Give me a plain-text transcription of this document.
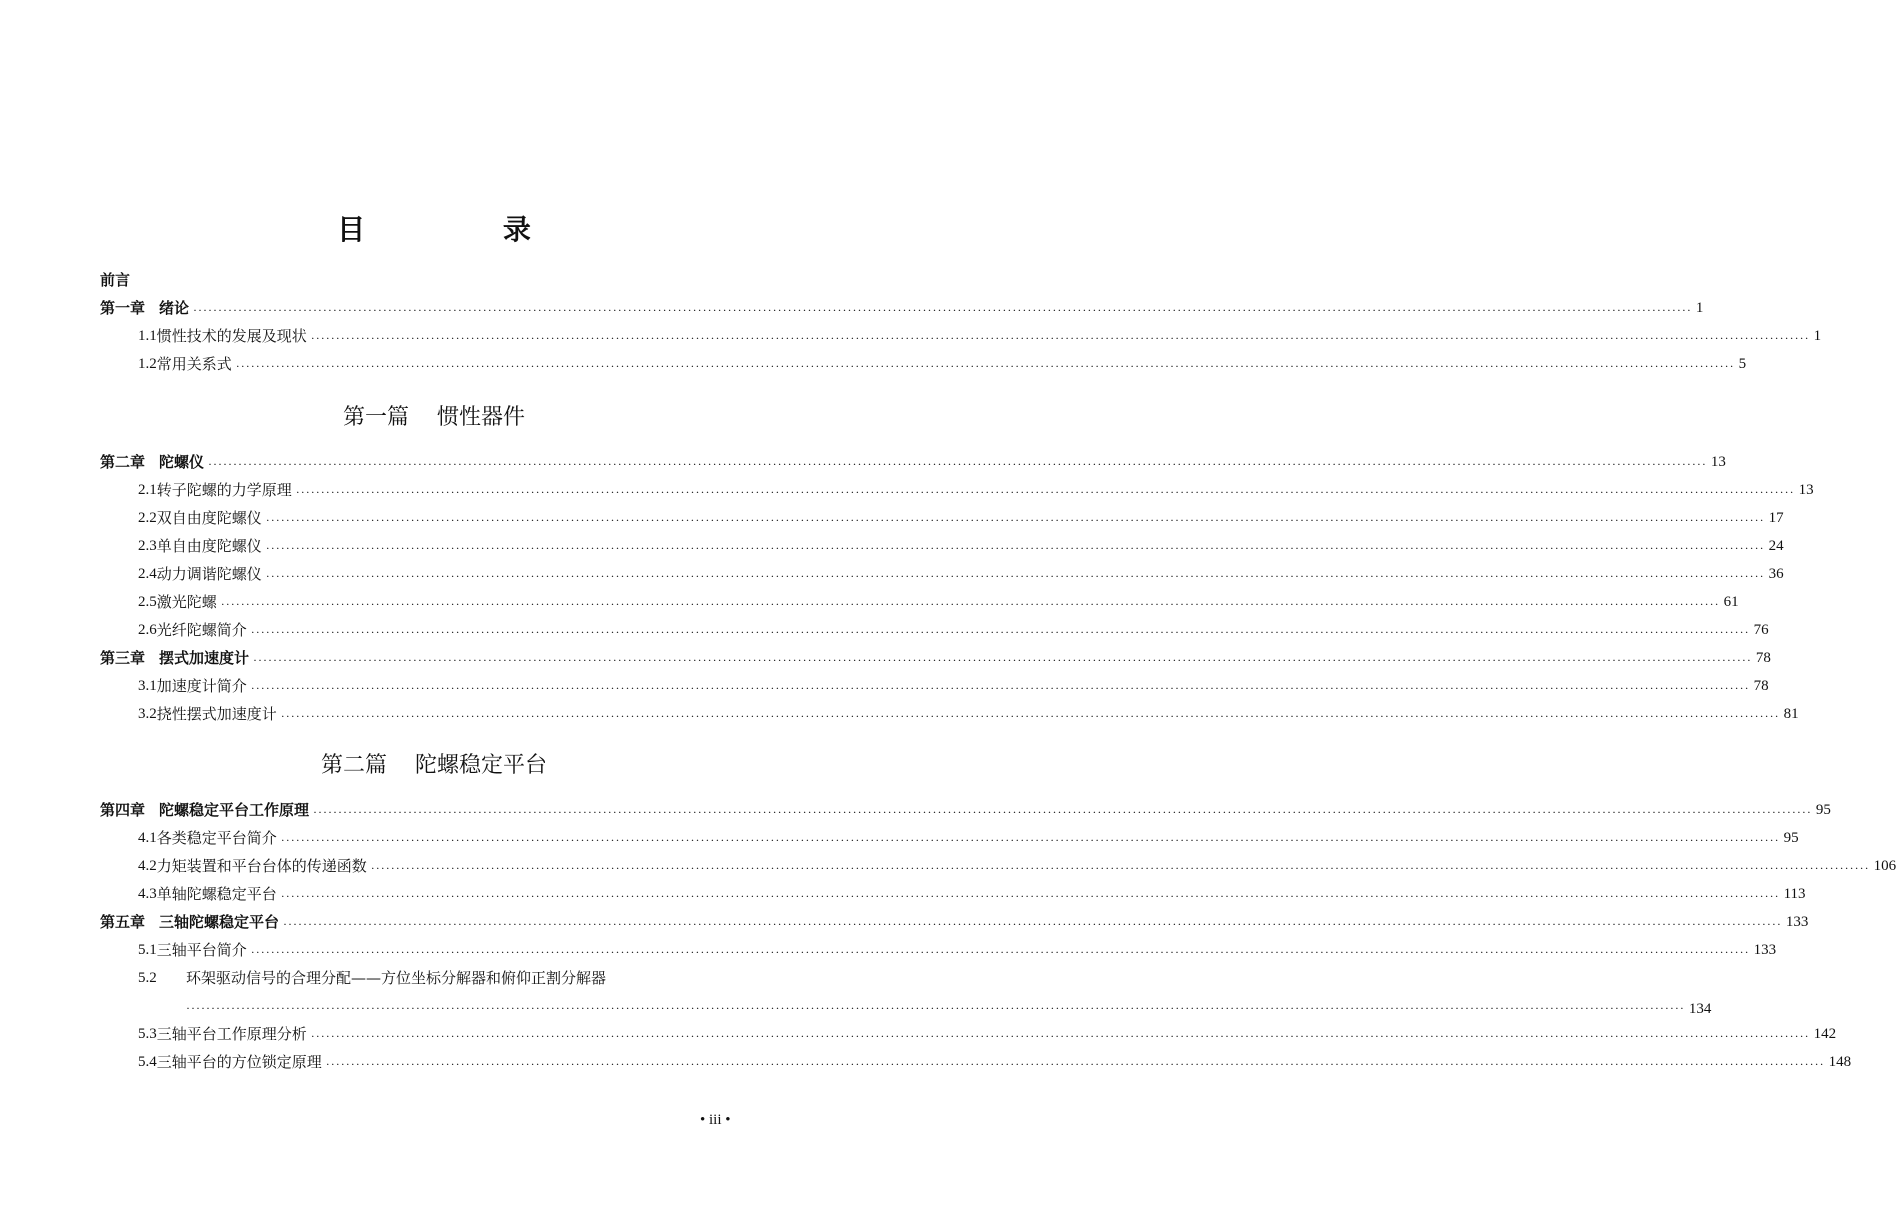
目 录
前言
第一章 绪论 ············································································································································································································································································································ 1
1.1 惯性技术的发展及现状 ············································································································································································································································································································ 1
1.2 常用关系式 ············································································································································································································································································································ 5
第一篇 惯性器件
第二章 陀螺仪 ············································································································································································································································································································ 13
2.1 转子陀螺的力学原理 ············································································································································································································································································································ 13
2.2 双自由度陀螺仪 ············································································································································································································································································································ 17
2.3 单自由度陀螺仪 ············································································································································································································································································································ 24
2.4 动力调谐陀螺仪 ············································································································································································································································································································ 36
2.5 激光陀螺 ············································································································································································································································································································ 61
2.6 光纤陀螺简介 ············································································································································································································································································································ 76
第三章 摆式加速度计 ············································································································································································································································································································ 78
3.1 加速度计简介 ············································································································································································································································································································ 78
3.2 挠性摆式加速度计 ············································································································································································································································································································ 81
第二篇 陀螺稳定平台
第四章 陀螺稳定平台工作原理 ············································································································································································································································································································ 95
4.1 各类稳定平台简介 ············································································································································································································································································································ 95
4.2 力矩装置和平台台体的传递函数 ············································································································································································································································································································ 106
4.3 单轴陀螺稳定平台 ············································································································································································································································································································ 113
第五章 三轴陀螺稳定平台 ············································································································································································································································································································ 133
5.1 三轴平台简介 ············································································································································································································································································································ 133
5.2	环架驱动信号的合理分配——方位坐标分解器和俯仰正割分解器
············································································································································································································································································································ 134
5.3 三轴平台工作原理分析 ············································································································································································································································································································ 142
5.4 三轴平台的方位锁定原理 ············································································································································································································································································································ 148
• iii •
